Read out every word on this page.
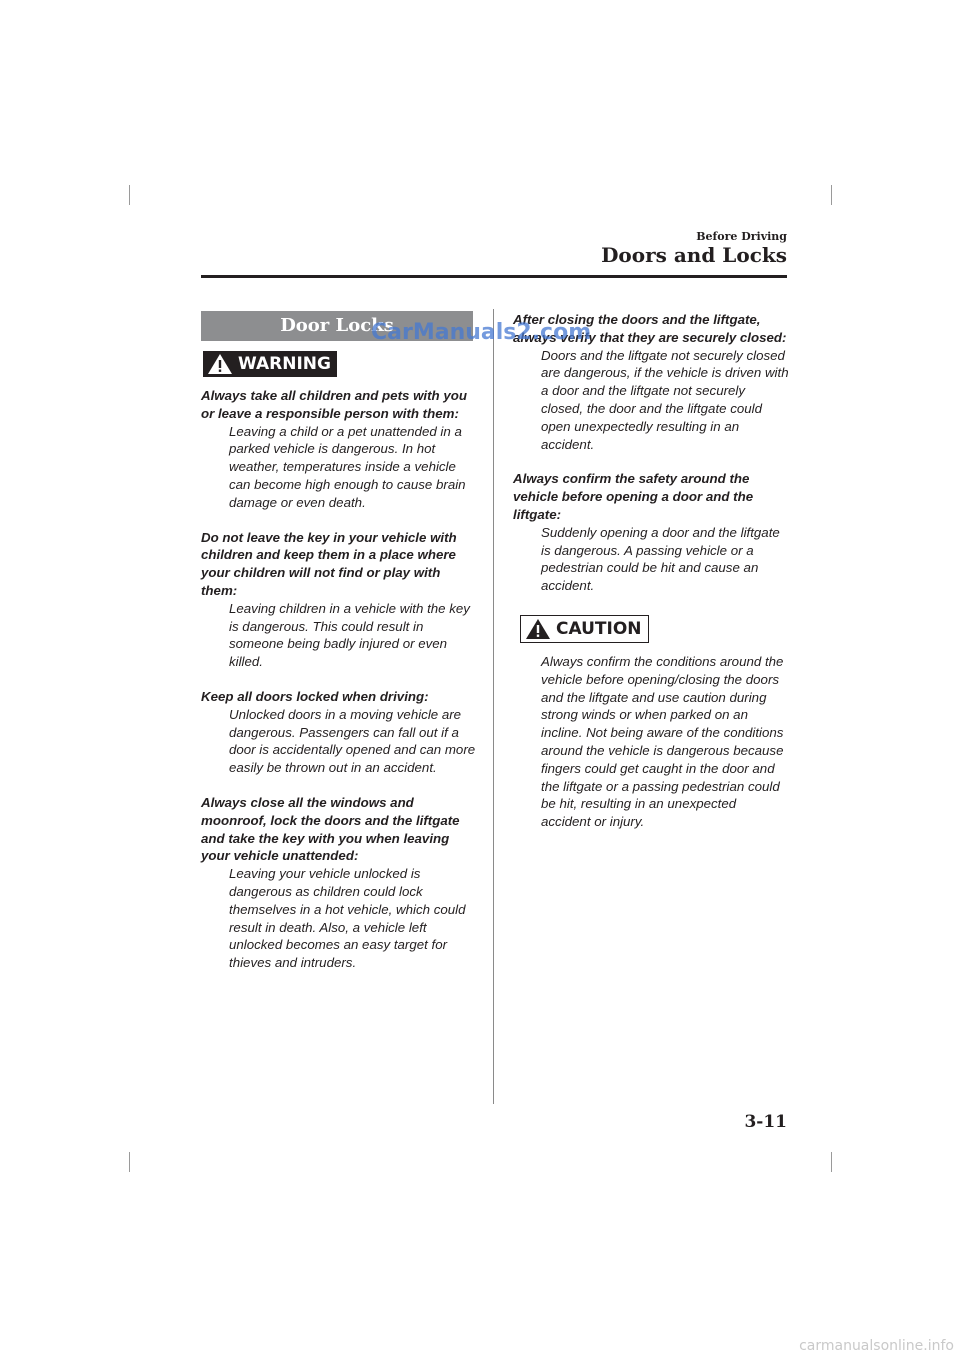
Before Driving
Doors and Locks
Door Locks
WARNING
Always take all children and pets with you or leave a responsible person with them:
Leaving a child or a pet unattended in a parked vehicle is dangerous. In hot weather, temperatures inside a vehicle can become high enough to cause brain damage or even death.
Do not leave the key in your vehicle with children and keep them in a place where your children will not find or play with them:
Leaving children in a vehicle with the key is dangerous. This could result in someone being badly injured or even killed.
Keep all doors locked when driving:
Unlocked doors in a moving vehicle are dangerous. Passengers can fall out if a door is accidentally opened and can more easily be thrown out in an accident.
Always close all the windows and moonroof, lock the doors and the liftgate and take the key with you when leaving your vehicle unattended:
Leaving your vehicle unlocked is dangerous as children could lock themselves in a hot vehicle, which could result in death. Also, a vehicle left unlocked becomes an easy target for thieves and intruders.
After closing the doors and the liftgate, always verify that they are securely closed:
Doors and the liftgate not securely closed are dangerous, if the vehicle is driven with a door and the liftgate not securely closed, the door and the liftgate could open unexpectedly resulting in an accident.
Always confirm the safety around the vehicle before opening a door and the liftgate:
Suddenly opening a door and the liftgate is dangerous. A passing vehicle or a pedestrian could be hit and cause an accident.
CAUTION
Always confirm the conditions around the vehicle before opening/closing the doors and the liftgate and use caution during strong winds or when parked on an incline. Not being aware of the conditions around the vehicle is dangerous because fingers could get caught in the door and the liftgate or a passing pedestrian could be hit, resulting in an unexpected accident or injury.
CarManuals2.com
3-11
carmanualsonline.info
